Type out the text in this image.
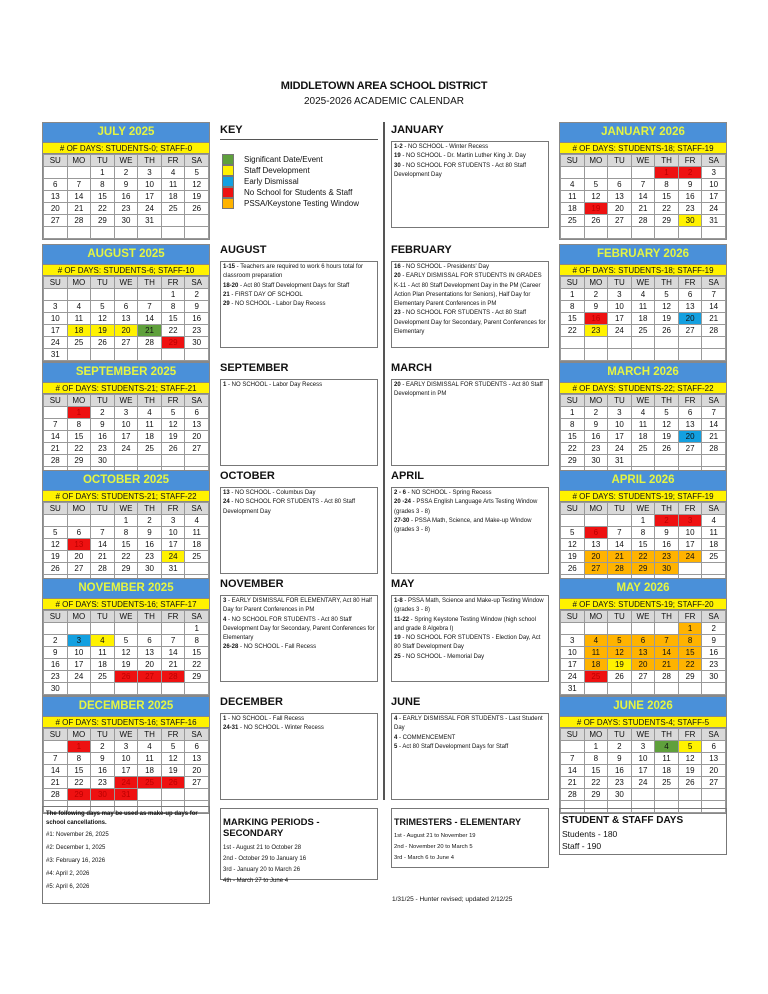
MIDDLETOWN AREA SCHOOL DISTRICT
2025-2026 ACADEMIC CALENDAR
KEY
Significant Date/Event
Staff Development
Early Dismissal
No School for Students & Staff
PSSA/Keystone Testing Window
JULY 2025
# OF DAYS: STUDENTS-0; STAFF-0
SU	MO	TU	WE	TH	FR	SA
		1	2	3	4	5
6	7	8	9	10	11	12
13	14	15	16	17	18	19
20	21	22	23	24	25	26
27	28	29	30	31		

AUGUST 2025
# OF DAYS: STUDENTS-6; STAFF-10
SU	MO	TU	WE	TH	FR	SA
					1	2
3	4	5	6	7	8	9
10	11	12	13	14	15	16
17	18	19	20	21	22	23
24	25	26	27	28	29	30
31						
SEPTEMBER 2025
# OF DAYS: STUDENTS-21; STAFF-21
SU	MO	TU	WE	TH	FR	SA
	1	2	3	4	5	6
7	8	9	10	11	12	13
14	15	16	17	18	19	20
21	22	23	24	25	26	27
28	29	30				

OCTOBER 2025
# OF DAYS: STUDENTS-21; STAFF-22
SU	MO	TU	WE	TH	FR	SA
			1	2	3	4
5	6	7	8	9	10	11
12	13	14	15	16	17	18
19	20	21	22	23	24	25
26	27	28	29	30	31	

NOVEMBER 2025
# OF DAYS: STUDENTS-16; STAFF-17
SU	MO	TU	WE	TH	FR	SA
						1
2	3	4	5	6	7	8
9	10	11	12	13	14	15
16	17	18	19	20	21	22
23	24	25	26	27	28	29
30						
DECEMBER 2025
# OF DAYS: STUDENTS-16; STAFF-16
SU	MO	TU	WE	TH	FR	SA
	1	2	3	4	5	6
7	8	9	10	11	12	13
14	15	16	17	18	19	20
21	22	23	24	25	26	27
28	29	30	31			

JANUARY 2026
# OF DAYS: STUDENTS-18; STAFF-19
SU	MO	TU	WE	TH	FR	SA
				1	2	3
4	5	6	7	8	9	10
11	12	13	14	15	16	17
18	19	20	21	22	23	24
25	26	27	28	29	30	31

FEBRUARY 2026
# OF DAYS: STUDENTS-18; STAFF-19
SU	MO	TU	WE	TH	FR	SA
1	2	3	4	5	6	7
8	9	10	11	12	13	14
15	16	17	18	19	20	21
22	23	24	25	26	27	28

MARCH 2026
# OF DAYS: STUDENTS-22; STAFF-22
SU	MO	TU	WE	TH	FR	SA
1	2	3	4	5	6	7
8	9	10	11	12	13	14
15	16	17	18	19	20	21
22	23	24	25	26	27	28
29	30	31				

APRIL 2026
# OF DAYS: STUDENTS-19; STAFF-19
SU	MO	TU	WE	TH	FR	SA
			1	2	3	4
5	6	7	8	9	10	11
12	13	14	15	16	17	18
19	20	21	22	23	24	25
26	27	28	29	30		

MAY 2026
# OF DAYS: STUDENTS-19; STAFF-20
SU	MO	TU	WE	TH	FR	SA
					1	2
3	4	5	6	7	8	9
10	11	12	13	14	15	16
17	18	19	20	21	22	23
24	25	26	27	28	29	30
31						
JUNE 2026
# OF DAYS: STUDENTS-4; STAFF-5
SU	MO	TU	WE	TH	FR	SA
	1	2	3	4	5	6
7	8	9	10	11	12	13
14	15	16	17	18	19	20
21	22	23	24	25	26	27
28	29	30				

AUGUST
1-15 - Teachers are required to work 6 hours total for classroom preparation
18-20 - Act 80 Staff Development Days for Staff
21 - FIRST DAY OF SCHOOL
29 - NO SCHOOL - Labor Day Recess
SEPTEMBER
1 - NO SCHOOL - Labor Day Recess
OCTOBER
13 - NO SCHOOL - Columbus Day
24 - NO SCHOOL FOR STUDENTS - Act 80 Staff Development Day
NOVEMBER
3 - EARLY DISMISSAL FOR ELEMENTARY, Act 80 Half Day for Parent Conferences in PM
4 - NO SCHOOL FOR STUDENTS - Act 80 Staff Development Day for Secondary, Parent Conferences for Elementary
26-28 - NO SCHOOL - Fall Recess
DECEMBER
1 - NO SCHOOL - Fall Recess
24-31 - NO SCHOOL - Winter Recess
JANUARY
1-2 - NO SCHOOL - Winter Recess
19 - NO SCHOOL - Dr. Martin Luther King Jr. Day
30 - NO SCHOOL FOR STUDENTS - Act 80 Staff Development Day
FEBRUARY
16 - NO SCHOOL - Presidents' Day
20 - EARLY DISMISSAL FOR STUDENTS IN GRADES K-11 - Act 80 Staff Development Day in the PM (Career Action Plan Presentations for Seniors), Half Day for Elementary Parent Conferences in PM
23 - NO SCHOOL FOR STUDENTS - Act 80 Staff Development Day for Secondary, Parent Conferences for Elementary
MARCH
20 - EARLY DISMISSAL FOR STUDENTS - Act 80 Staff Development in PM
APRIL
2 - 6 - NO SCHOOL - Spring Recess
20 -24 - PSSA English Language Arts Testing Window (grades 3 - 8)
27-30 - PSSA Math, Science, and Make-up Window (grades 3 - 8)
MAY
1-8 - PSSA Math, Science and Make-up Testing Window (grades 3 - 8)
11-22 - Spring Keystone Testing Window (high school and grade 8 Algebra I)
19 - NO SCHOOL FOR STUDENTS - Election Day, Act 80 Staff Development Day
25 - NO SCHOOL - Memorial Day
JUNE
4 - EARLY DISMISSAL FOR STUDENTS - Last Student Day
4 - COMMENCEMENT
5 - Act 80 Staff Development Days for Staff
The following days may be used as make-up days for school cancellations.
#1: November 26, 2025
#2: December 1, 2025
#3: February 16, 2026
#4: April 2, 2026
#5: April 6, 2026
MARKING PERIODS - SECONDARY
1st - August 21 to October 28
2nd - October 29 to January 16
3rd - January 20 to March 26
4th - March 27 to June 4
TRIMESTERS - ELEMENTARY
1st - August 21 to November 19
2nd - November 20 to March 5
3rd - March 6 to June 4
STUDENT & STAFF DAYS
Students - 180
Staff - 190
1/31/25 - Hunter revised; updated 2/12/25
